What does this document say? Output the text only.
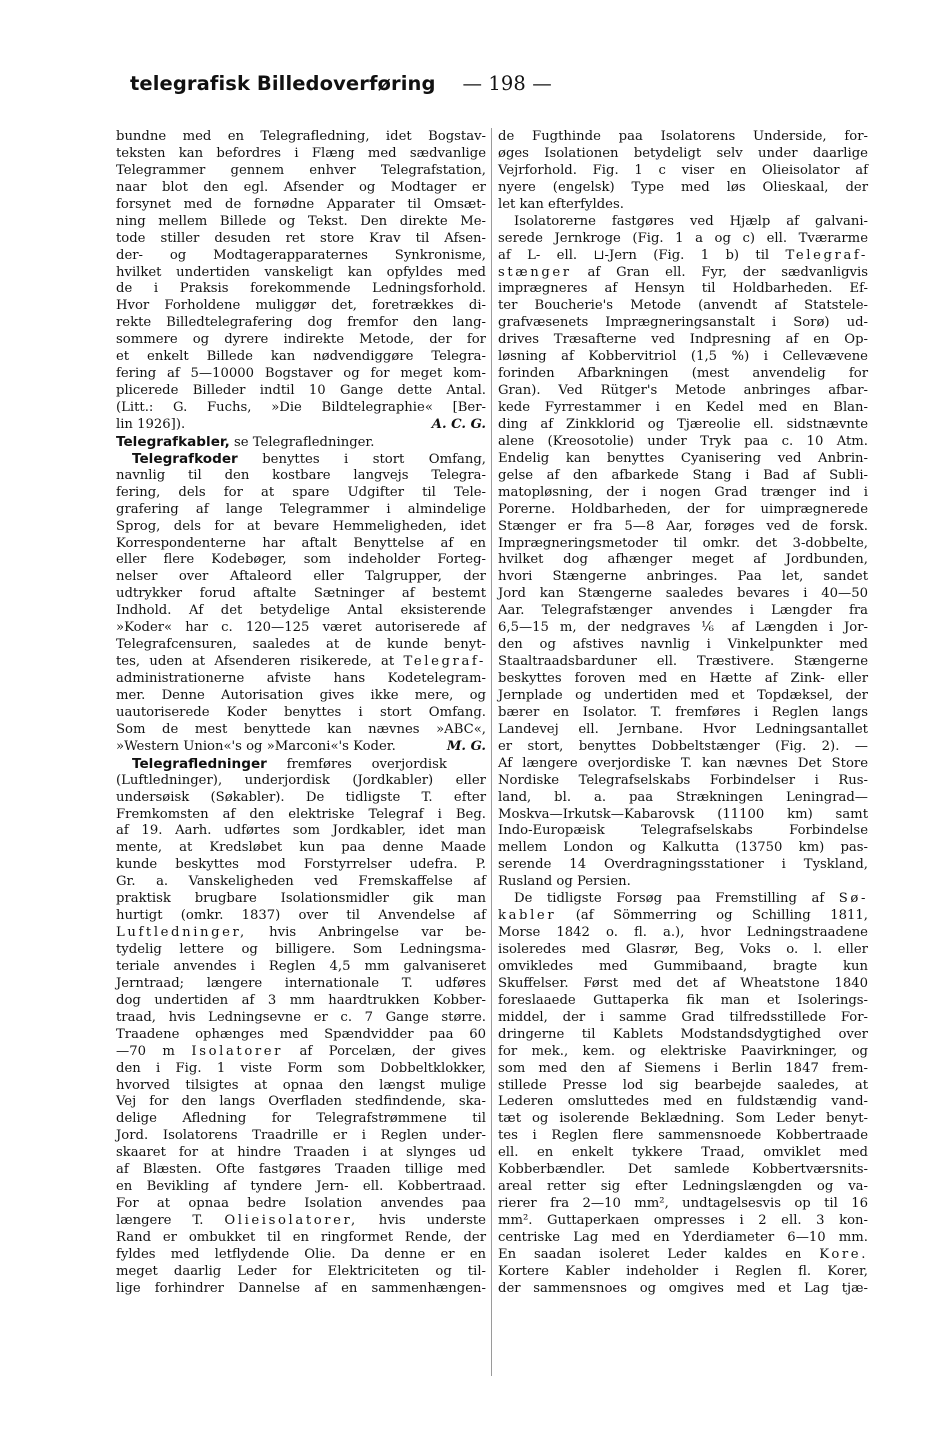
telegrafisk Billedoverføring — 198 —
bundne med en Telegrafledning, idet Bogstav-
teksten kan befordres i Flæng med sædvanlige
Telegrammer gennem enhver Telegrafstation,
naar blot den egl. Afsender og Modtager er
forsynet med de fornødne Apparater til Omsæt-
ning mellem Billede og Tekst. Den direkte Me-
tode stiller desuden ret store Krav til Afsen-
der- og Modtagerapparaternes Synkronisme,
hvilket undertiden vanskeligt kan opfyldes med
de i Praksis forekommende Ledningsforhold.
Hvor Forholdene muliggør det, foretrækkes di-
rekte Billedtelegrafering dog fremfor den lang-
sommere og dyrere indirekte Metode, der for
et enkelt Billede kan nødvendiggøre Telegra-
fering af 5—10000 Bogstaver og for meget kom-
plicerede Billeder indtil 10 Gange dette Antal.
(Litt.: G. Fuchs, »Die Bildtelegraphie« [Ber-
lin 1926]).	A. C. G.
Telegrafkabler, se Telegrafledninger.
Telegrafkoder benyttes i stort Omfang,
navnlig til den kostbare langvejs Telegra-
fering, dels for at spare Udgifter til Tele-
grafering af lange Telegrammer i almindelige
Sprog, dels for at bevare Hemmeligheden, idet
Korrespondenterne har aftalt Benyttelse af en
eller flere Kodebøger, som indeholder Forteg-
nelser over Aftaleord eller Talgrupper, der
udtrykker forud aftalte Sætninger af bestemt
Indhold. Af det betydelige Antal eksisterende
»Koder« har c. 120—125 været autoriserede af
Telegrafcensuren, saaledes at de kunde benyt-
tes, uden at Afsenderen risikerede, at Telegraf-
administrationerne afviste hans Kodetelegram-
mer. Denne Autorisation gives ikke mere, og
uautoriserede Koder benyttes i stort Omfang.
Som de mest benyttede kan nævnes »ABC«,
»Western Union«'s og »Marconi«'s Koder.	M. G.
Telegrafledninger fremføres overjordisk
(Luftledninger), underjordisk (Jordkabler) eller
undersøisk (Søkabler). De tidligste T. efter
Fremkomsten af den elektriske Telegraf i Beg.
af 19. Aarh. udførtes som Jordkabler, idet man
mente, at Kredsløbet kun paa denne Maade
kunde beskyttes mod Forstyrrelser udefra. P.
Gr. a. Vanskeligheden ved Fremskaffelse af
praktisk brugbare Isolationsmidler gik man
hurtigt (omkr. 1837) over til Anvendelse af
Luftledninger, hvis Anbringelse var be-
tydelig lettere og billigere. Som Ledningsma-
teriale anvendes i Reglen 4,5 mm galvaniseret
Jerntraad; længere internationale T. udføres
dog undertiden af 3 mm haardtrukken Kobber-
traad, hvis Ledningsevne er c. 7 Gange større.
Traadene ophænges med Spændvidder paa 60
—70 m Isolatorer af Porcelæn, der gives
den i Fig. 1 viste Form som Dobbeltklokker,
hvorved tilsigtes at opnaa den længst mulige
Vej for den langs Overfladen stedfindende, ska-
delige Afledning for Telegrafstrømmene til
Jord. Isolatorens Traadrille er i Reglen under-
skaaret for at hindre Traaden i at slynges ud
af Blæsten. Ofte fastgøres Traaden tillige med
en Bevikling af tyndere Jern- ell. Kobbertraad.
For at opnaa bedre Isolation anvendes paa
længere T. Olieisolatorer, hvis underste
Rand er ombukket til en ringformet Rende, der
fyldes med letflydende Olie. Da denne er en
meget daarlig Leder for Elektriciteten og til-
lige forhindrer Dannelse af en sammenhængen-
de Fugthinde paa Isolatorens Underside, for-
øges Isolationen betydeligt selv under daarlige
Vejrforhold. Fig. 1 c viser en Olieisolator af
nyere (engelsk) Type med løs Olieskaal, der
let kan efterfyldes.
Isolatorerne fastgøres ved Hjælp af galvani-
serede Jernkroge (Fig. 1 a og c) ell. Tværarme
af L- ell. ⊔-Jern (Fig. 1 b) til Telegraf-
stænger af Gran ell. Fyr, der sædvanligvis
imprægneres af Hensyn til Holdbarheden. Ef-
ter Boucherie's Metode (anvendt af Statstele-
grafvæsenets Imprægneringsanstalt i Sorø) ud-
drives Træsafterne ved Indpresning af en Op-
løsning af Kobbervitriol (1,5 %) i Cellevævene
forinden Afbarkningen (mest anvendelig for
Gran). Ved Rütger's Metode anbringes afbar-
kede Fyrrestammer i en Kedel med en Blan-
ding af Zinkklorid og Tjæreolie ell. sidstnævnte
alene (Kreosotolie) under Tryk paa c. 10 Atm.
Endelig kan benyttes Cyanisering ved Anbrin-
gelse af den afbarkede Stang i Bad af Subli-
matopløsning, der i nogen Grad trænger ind i
Porerne. Holdbarheden, der for uimprægnerede
Stænger er fra 5—8 Aar, forøges ved de forsk.
Imprægneringsmetoder til omkr. det 3-dobbelte,
hvilket dog afhænger meget af Jordbunden,
hvori Stængerne anbringes. Paa let, sandet
Jord kan Stængerne saaledes bevares i 40—50
Aar. Telegrafstænger anvendes i Længder fra
6,5—15 m, der nedgraves ⅙ af Længden i Jor-
den og afstives navnlig i Vinkelpunkter med
Staaltraadsbarduner ell. Træstivere. Stængerne
beskyttes foroven med en Hætte af Zink- eller
Jernplade og undertiden med et Topdæksel, der
bærer en Isolator. T. fremføres i Reglen langs
Landevej ell. Jernbane. Hvor Ledningsantallet
er stort, benyttes Dobbeltstænger (Fig. 2). —
Af længere overjordiske T. kan nævnes Det Store
Nordiske Telegrafselskabs Forbindelser i Rus-
land, bl. a. paa Strækningen Leningrad—
Moskva—Irkutsk—Kabarovsk (11100 km) samt
Indo-Europæisk Telegrafselskabs Forbindelse
mellem London og Kalkutta (13750 km) pas-
serende 14 Overdragningsstationer i Tyskland,
Rusland og Persien.
De tidligste Forsøg paa Fremstilling af Sø-
kabler (af Sömmerring og Schilling 1811,
Morse 1842 o. fl. a.), hvor Ledningstraadene
isoleredes med Glasrør, Beg, Voks o. l. eller
omvikledes med Gummibaand, bragte kun
Skuffelser. Først med det af Wheatstone 1840
foreslaaede Guttaperka fik man et Isolerings-
middel, der i samme Grad tilfredsstillede For-
dringerne til Kablets Modstandsdygtighed over
for mek., kem. og elektriske Paavirkninger, og
som med den af Siemens i Berlin 1847 frem-
stillede Presse lod sig bearbejde saaledes, at
Lederen omsluttedes med en fuldstændig vand-
tæt og isolerende Beklædning. Som Leder benyt-
tes i Reglen flere sammensnoede Kobbertraade
ell. en enkelt tykkere Traad, omviklet med
Kobberbændler. Det samlede Kobbertværsnits-
areal retter sig efter Ledningslængden og va-
rierer fra 2—10 mm², undtagelsesvis op til 16
mm². Guttaperkaen ompresses i 2 ell. 3 kon-
centriske Lag med en Yderdiameter 6—10 mm.
En saadan isoleret Leder kaldes en Kore.
Kortere Kabler indeholder i Reglen fl. Korer,
der sammensnoes og omgives med et Lag tjæ-
